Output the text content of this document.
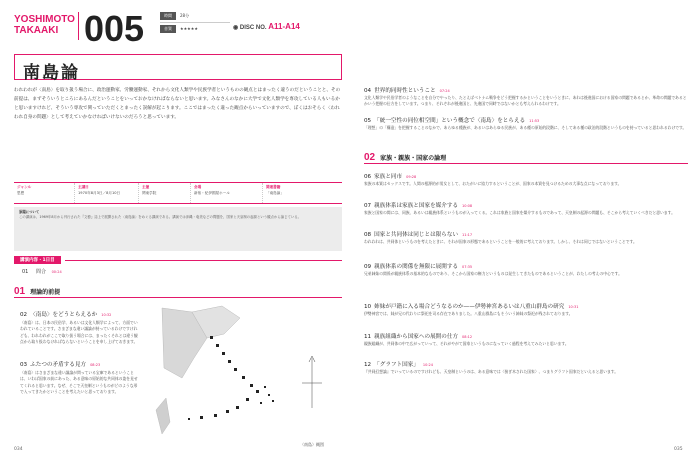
YOSHIMOTO
TAKAAKI 005	時間 28分
音質 ★★★★★	◉ DISC NO. A11-A14
南島論
われわれが〈南島〉を取り扱う場合に、政治運動家、労働運動家、それから文化人類学や民族学者というものの観点とはまったく違うのだということと、その前提は、まずそういうところにあるんだということをいっておかなければならないと思います。みなさんのなかに大学で文化人類学を専攻している人もいるかと思いますけれど、そういう専攻で関っていただくとまったく誤解が起こります。ここではまったく違った観点からいっていますので、ぼくはおそらく〈われわれ自身の問題〉として考えていかなければいけないのだろうと思っています。
ジャンル
思想
主講日
1970年8月3日／8月10日
主催
関東学院
会場
新宿・紀伊國屋ホール
関連書籍
「南島論」
原題について
この講演は、1969年8月から刊行された『文藝』誌上で展開された〈南島論〉をめぐる講演である。講演では沖縄・奄美などの問題を、国家と天皇制の起源という観点から論じている。
講演内容・1日目
01 問合 00:24
01 理論的前提
02 〈南島〉をどうとらえるか 10:32
〈南島〉は、日本の民俗学、あるいは文化人類学によって、方面でいわれていることです。さまざまな違い議論が持っているわけですけれども、われわれがここで取り扱う場合には、まったくそれとは違う観点から取り扱わなければならないということを申し上げておきます。
03 ふたつの矛盾する見方 08:23
〈南島〉はさまざまな違い議論が問っている宝庫であるということは、いわば国家の前にあった、ある意味の原始的な共同体の姿を見せてくれると思います。なぜ、そこで天皇制というものがどのような形で入ってきたかということを考えたいと思っております。
〈南島〉概図
04 世界的同時性ということ 07:24
文化人類学や民俗学者のようなことを自分でやったり、たとえばベトナム戦争をどう把握するかということをいうときに、あれは後進国における国家の問題であるとか、革命の問題であるとかいう把握の仕方をしています。つまり、それぞれが後進国と、先進国で同時ではないかとも考えられるわけです。
05 「統一空性の同位相空間」という概念で〈南島〉をとらえる 11:53
「理想」の「構造」を把握することのなかで、あらゆる種族が、あるいはあらゆる民族が、ある種の原始的段階に、そしてある種の政治的段階というものを持っていると思われるわけです。
02 家族・親族・国家の論理
06 家族と同市 09:28
家族の本質はセックスです。人間の根源的が男女として、おたがいに協力するということが、国家の本質を見つけるための大事な点になっております。
07 親族体系は家族と国家を媒介する 10:08
家族と国家の間には、同族、あるいは親族体系というものが入ってくる。これは家族と国家を媒介するものであって、天皇制の起源の問題も、そこから考えていくべきだと思います。
08 国家と共同体は同じとは限らない 11:17
われわれは、共同体というものを考えたときに、それが国家の形態であるということを一般的に考えております。しかし、それは同じではないということです。
09 親族体系の関係を無限に展開する 07:35
兄弟姉妹の関係が親族体系の基本的なものであり、そこから国家の権力というものは発生してきたものであるということが、わたしの考えの中心です。
10 姉妹が戸籍に入る場合どうなるのか——伊勢神宮あるいは八重山群島の研究 10:31
伊勢神宮では、妹が兄の代わりに祭祀を司る存在でありました。八重山群島にもそういう姉妹の祭祀が残されております。
11 親族組織から国家への展開の仕方 08:12
親族組織が、共同体の中で広がっていって、それがやがて国家というものになっていく過程を考えてみたいと思います。
12 「グラフト国家」 10:24
『共同幻想論』でいっているのですけれども、天皇制というのは、ある意味では〈接ぎ木された国家〉、つまりグラフト国家だといえると思います。
034	035
